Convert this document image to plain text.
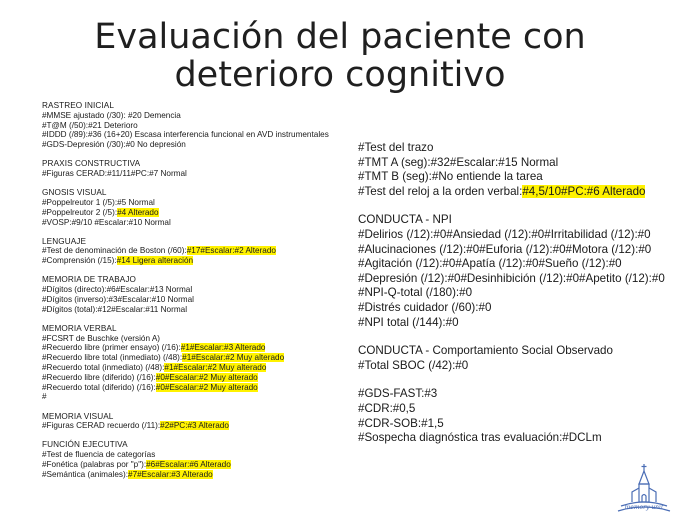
Evaluación del paciente con
deterioro cognitivo
RASTREO INICIAL
#MMSE ajustado (/30): #20 Demencia
#T@M (/50):#21 Deterioro
#IDDD (/89):#36 (16+20) Escasa interferencia funcional en AVD instrumentales
#GDS-Depresión (/30):#0 No depresión
PRAXIS CONSTRUCTIVA
#Figuras CERAD:#11/11#PC:#7 Normal
GNOSIS VISUAL
#Poppelreutor 1 (/5):#5 Normal
#Poppelreutor 2 (/5):#4 Alterado
#VOSP:#9/10 #Escalar:#10 Normal
LENGUAJE
#Test de denominación de Boston (/60):#17#Escalar:#2 Alterado
#Comprensión (/15):#14 Ligera alteración
MEMORIA DE TRABAJO
#Dígitos (directo):#6#Escalar:#13 Normal
#Dígitos (inverso):#3#Escalar:#10 Normal
#Dígitos (total):#12#Escalar:#11 Normal
MEMORIA VERBAL
#FCSRT de Buschke (versión A)
#Recuerdo libre (primer ensayo) (/16):#1#Escalar:#3 Alterado
#Recuerdo libre total (inmediato) (/48):#1#Escalar:#2 Muy alterado
#Recuerdo total (inmediato) (/48):#1#Escalar:#2 Muy alterado
#Recuerdo libre (diferido) (/16):#0#Escalar:#2 Muy alterado
#Recuerdo total (diferido) (/16):#0#Escalar:#2 Muy alterado
#
MEMORIA VISUAL
#Figuras CERAD recuerdo (/11):#2#PC:#3 Alterado
FUNCIÓN EJECUTIVA
#Test de fluencia de categorías
#Fonética (palabras por "p"):#6#Escalar:#6 Alterado
#Semántica (animales):#7#Escalar:#3 Alterado
#Test del trazo
#TMT A (seg):#32#Escalar:#15 Normal
#TMT B (seg):#No entiende la tarea
#Test del reloj a la orden verbal:#4,5/10#PC:#6 Alterado
CONDUCTA - NPI
#Delirios (/12):#0#Ansiedad (/12):#0#Irritabilidad (/12):#0
#Alucinaciones (/12):#0#Euforia (/12):#0#Motora (/12):#0
#Agitación (/12):#0#Apatía (/12):#0#Sueño (/12):#0
#Depresión (/12):#0#Desinhibición (/12):#0#Apetito (/12):#0
#NPI-Q-total (/180):#0
#Distrés cuidador (/60):#0
#NPI total (/144):#0
CONDUCTA - Comportamiento Social Observado
#Total SBOC (/42):#0
#GDS-FAST:#3
#CDR:#0,5
#CDR-SOB:#1,5
#Sospecha diagnóstica tras evaluación:#DCLm
memory unit
